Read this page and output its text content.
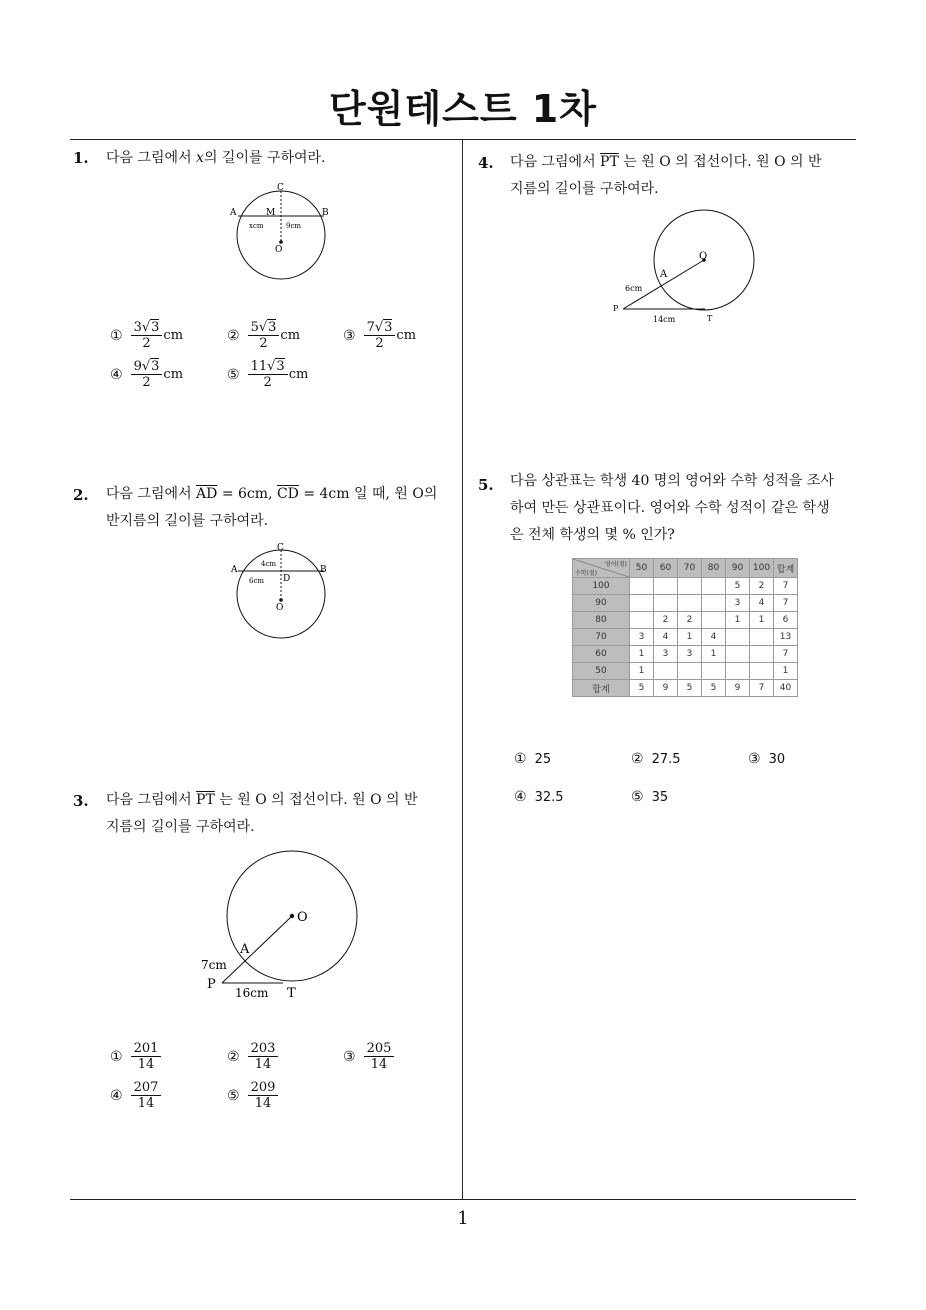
단원테스트 1차
1. 다음 그림에서 x의 길이를 구하여라.
C
A	M	B
O
xcm	9cm
① $\frac{3√3}{2}$ cm	② $\frac{5√3}{2}$ cm	③ $\frac{7√3}{2}$ cm
④ $\frac{9√3}{2}$ cm	⑤ $\frac{11√3}{2}$ cm
2. 다음 그림에서 $\overline{AD} = 6cm$, $\overline{CD} = 4cm$ 일 때, 원 O의
반지름의 길이를 구하여라.
C
A	B
D
O
4cm
6cm
3. 다음 그림에서 $\overline{PT}$ 는 원 O 의 접선이다. 원 O 의 반
지름의 길이를 구하여라.
O
A
P
T
7cm
16cm
① $\frac{201}{14}$	② $\frac{203}{14}$	③ $\frac{205}{14}$
④ $\frac{207}{14}$	⑤ $\frac{209}{14}$
4. 다음 그림에서 $\overline{PT}$ 는 원 O 의 접선이다. 원 O 의 반
지름의 길이를 구하여라.
O
A
P
T
6cm
14cm
5. 다음 상관표는 학생 40 명의 영어와 수학 성적을 조사
하여 만든 상관표이다. 영어와 수학 성적이 같은 학생
은 전체 학생의 몇 % 인가?
영어(점)
수학(점)	50	60	70	80	90	100	합계
100					5	2	7
90					3	4	7
80		2	2		1	1	6
70	3	4	1	4			13
60	1	3	3	1			7
50	1						1
합계	5	9	5	5	9	7	40
① 25	② 27.5	③ 30
④ 32.5	⑤ 35
1
